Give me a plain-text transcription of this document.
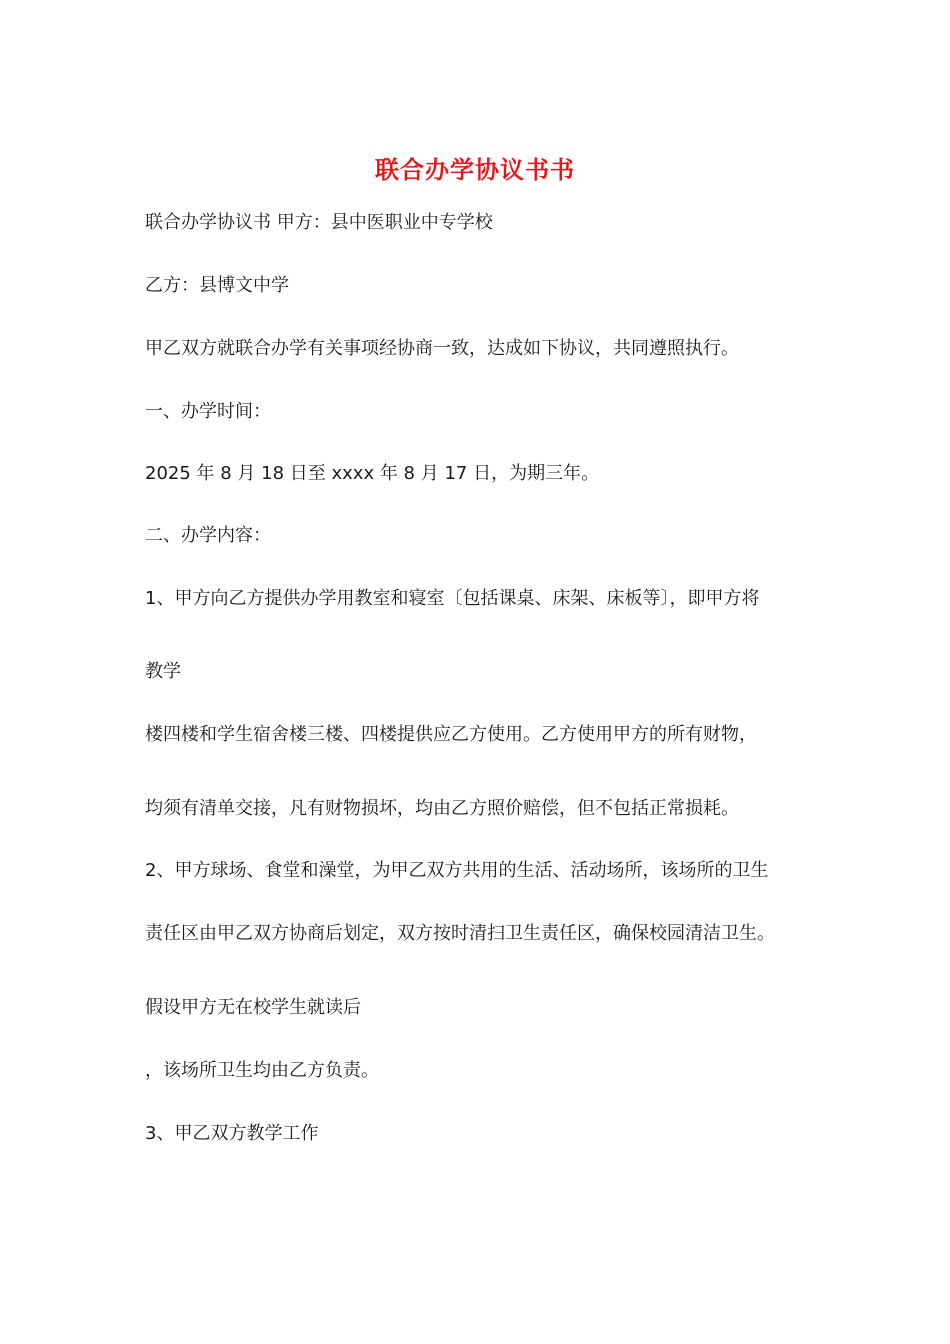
联合办学协议书书
联合办学协议书 甲方：县中医职业中专学校
乙方：县博文中学
甲乙双方就联合办学有关事项经协商一致，达成如下协议，共同遵照执行。
一、办学时间：
2025 年 8 月 18 日至 xxxx 年 8 月 17 日，为期三年。
二、办学内容：
1、甲方向乙方提供办学用教室和寝室〔包括课桌、床架、床板等〕，即甲方将
教学
楼四楼和学生宿舍楼三楼、四楼提供应乙方使用。乙方使用甲方的所有财物，
均须有清单交接，凡有财物损坏，均由乙方照价赔偿，但不包括正常损耗。
2、甲方球场、食堂和澡堂，为甲乙双方共用的生活、活动场所，该场所的卫生
责任区由甲乙双方协商后划定，双方按时清扫卫生责任区，确保校园清洁卫生。
假设甲方无在校学生就读后
，该场所卫生均由乙方负责。
3、甲乙双方教学工作
